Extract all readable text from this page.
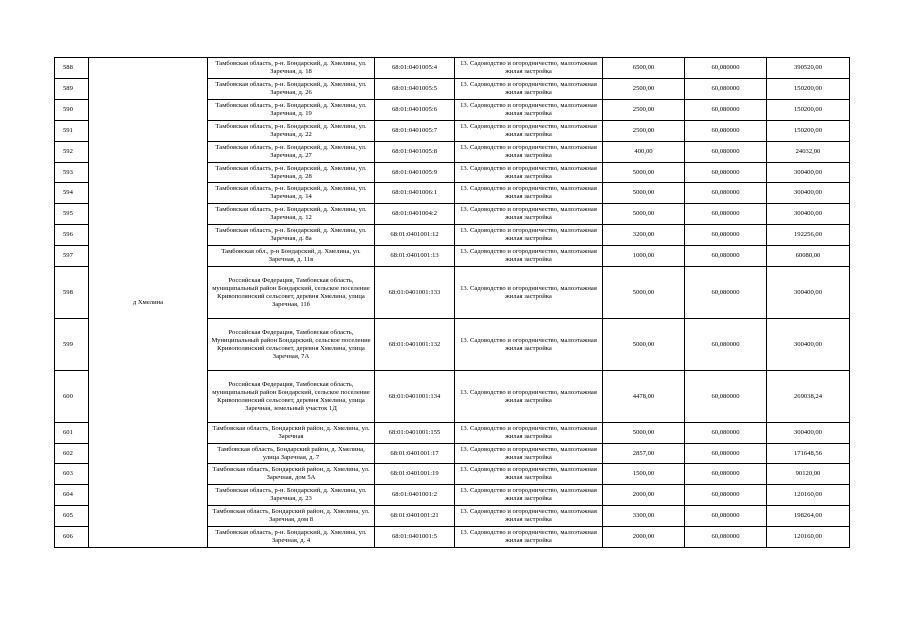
588	д Хмелина	Тамбовская область, р-н. Бондарский, д. Хмелина, ул. Заречная, д. 18	68:01:0401005:4	13. Садоводство и огородничество, малоэтажная жилая застройка	6500,00	60,080000	390520,00
589		Тамбовская область, р-н. Бондарский, д. Хмелина, ул. Заречная, д. 26	68:01:0401005:5	13. Садоводство и огородничество, малоэтажная жилая застройка	2500,00	60,080000	150200,00
590		Тамбовская область, р-н. Бондарский, д. Хмелина, ул. Заречная, д. 19	68:01:0401005:6	13. Садоводство и огородничество, малоэтажная жилая застройка	2500,00	60,080000	150200,00
591		Тамбовская область, р-н. Бондарский, д. Хмелина, ул. Заречная, д. 22	68:01:0401005:7	13. Садоводство и огородничество, малоэтажная жилая застройка	2500,00	60,080000	150200,00
592		Тамбовская область, р-н. Бондарский, д. Хмелина, ул. Заречная, д. 27	68:01:0401005:8	13. Садоводство и огородничество, малоэтажная жилая застройка	400,00	60,080000	24032,00
593		Тамбовская область, р-н. Бондарский, д. Хмелина, ул. Заречная, д. 28	68:01:0401005:9	13. Садоводство и огородничество, малоэтажная жилая застройка	5000,00	60,080000	300400,00
594		Тамбовская область, р-н. Бондарский, д. Хмелина, ул. Заречная, д. 14	68:01:0401006:1	13. Садоводство и огородничество, малоэтажная жилая застройка	5000,00	60,080000	300400,00
595		Тамбовская область, р-н. Бондарский, д. Хмелина, ул. Заречная, д. 12	68:01:0401004:2	13. Садоводство и огородничество, малоэтажная жилая застройка	5000,00	60,080000	300400,00
596		Тамбовская область, р-н. Бондарский, д. Хмелина, ул. Заречная, д. 8а	68:01:0401001:12	13. Садоводство и огородничество, малоэтажная жилая застройка	3200,00	60,080000	192256,00
597		Тамбовская обл., р-н Бондарский, д. Хмелина, ул. Заречная, д. 11в	68:01:0401001:13	13. Садоводство и огородничество, малоэтажная жилая застройка	1000,00	60,080000	60080,00
598		Российская Федерация, Тамбовская область, муниципальный район Бондарский, сельское поселение Кривополянский сельсовет, деревня Хмелина, улица Заречная, 11б	68:01:0401001:133	13. Садоводство и огородничество, малоэтажная жилая застройка	5000,00	60,080000	300400,00
599		Российская Федерация, Тамбовская область, Муниципальный район Бондарский, сельское поселение Кривополянский сельсовет, деревня Хмелина, улица Заречная, 7А	68:01:0401001:132	13. Садоводство и огородничество, малоэтажная жилая застройка	5000,00	60,080000	300400,00
600		Российская Федерация, Тамбовская область, муниципальный район Бондарский, сельское поселение Кривополянский сельсовет, деревня Хмелина, улица Заречная, земельный участок 1Д	68:01:0401001:134	13. Садоводство и огородничество, малоэтажная жилая застройка	4478,00	60,080000	269038,24
601		Тамбовская область, Бондарский район, д. Хмелина, ул. Заречная	68:01:0401001:155	13. Садоводство и огородничество, малоэтажная жилая застройка	5000,00	60,080000	300400,00
602		Тамбовская область, Бондарский район, д. Хмелина, улица Заречная, д. 7	68:01:0401001:17	13. Садоводство и огородничество, малоэтажная жилая застройка	2857,00	60,080000	171648,56
603		Тамбовская область, Бондарский район, д. Хмелина, ул. Заречная, дом 5А	68:01:0401001:19	13. Садоводство и огородничество, малоэтажная жилая застройка	1500,00	60,080000	90120,00
604		Тамбовская область, р-н. Бондарский, д. Хмелина, ул. Заречная, д. 23	68:01:0401001:2	13. Садоводство и огородничество, малоэтажная жилая застройка	2000,00	60,080000	120160,00
605		Тамбовская область, Бондарский район, д. Хмелина, ул. Заречная, дом 8	68:01:0401001:21	13. Садоводство и огородничество, малоэтажная жилая застройка	3300,00	60,080000	198264,00
606		Тамбовская область, р-н. Бондарский, д. Хмелина, ул. Заречная, д. 4	68:01:0401001:5	13. Садоводство и огородничество, малоэтажная жилая застройка	2000,00	60,080000	120160,00
